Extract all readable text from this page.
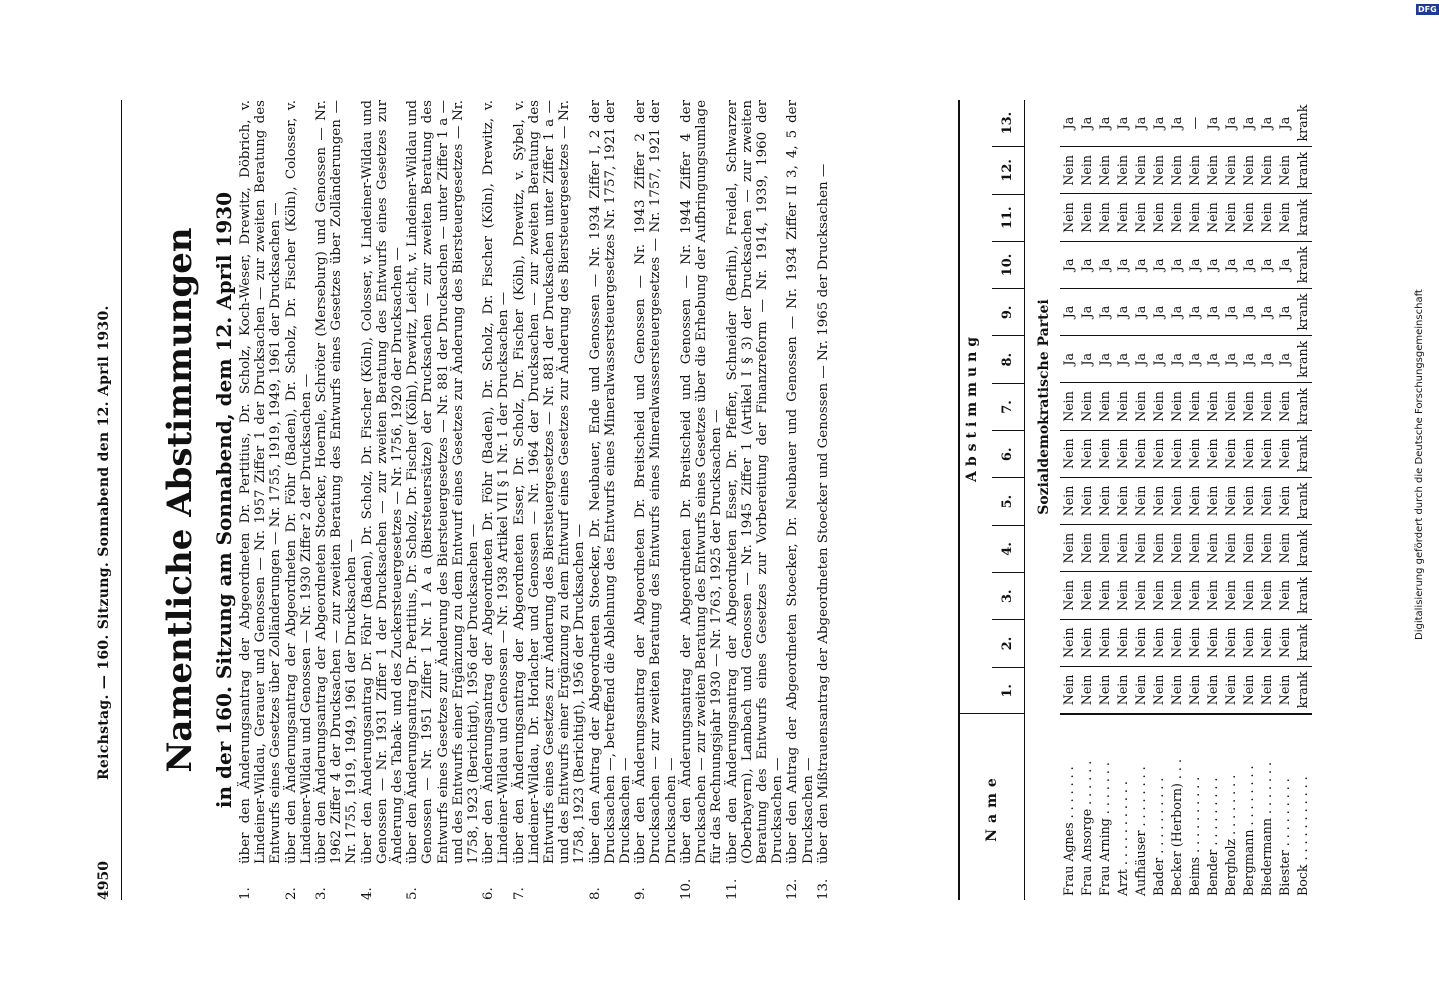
4950
Reichstag. — 160. Sitzung. Sonnabend den 12. April 1930. Namentliche Abstimmungen in der 160. Sitzung am Sonnabend, dem 12. April 1930
1.
über den Änderungsantrag der Abgeordneten Dr. Pertitius, Dr. Scholz, Koch-Weser, Drewitz, Döbrich, v. Lindeiner-Wildau, Gerauer und Genossen — Nr. 1957 Ziffer 1 der Drucksachen — zur zweiten Beratung des Entwurfs eines Gesetzes über Zolländerungen — Nr. 1755, 1919, 1949, 1961 der Drucksachen —
2.
über den Änderungsantrag der Abgeordneten Dr. Föhr (Baden), Dr. Scholz, Dr. Fischer (Köln), Colosser, v. Lindeiner-Wildau und Genossen — Nr. 1930 Ziffer 2 der Drucksachen —
3.
über den Änderungsantrag der Abgeordneten Stoecker, Hoernle, Schröter (Merseburg) und Genossen — Nr. 1962 Ziffer 4 der Drucksachen — zur zweiten Beratung des Entwurfs eines Gesetzes über Zolländerungen — Nr. 1755, 1919, 1949, 1961 der Drucksachen —
4.
über den Änderungsantrag Dr. Föhr (Baden), Dr. Scholz, Dr. Fischer (Köln), Colosser, v. Lindeiner-Wildau und Genossen — Nr. 1931 Ziffer 1 der Drucksachen — zur zweiten Beratung des Entwurfs eines Gesetzes zur Änderung des Tabak- und des Zuckersteuergesetzes — Nr. 1756, 1920 der Drucksachen —
5.
über den Änderungsantrag Dr. Pertitius, Dr. Scholz, Dr. Fischer (Köln), Drewitz, Leicht, v. Lindeiner-Wildau und Genossen — Nr. 1951 Ziffer 1 Nr. 1 A a (Biersteuersätze) der Drucksachen — zur zweiten Beratung des Entwurfs eines Gesetzes zur Änderung des Biersteuergesetzes — Nr. 881 der Drucksachen — unter Ziffer 1 a — und des Entwurfs einer Ergänzung zu dem Entwurf eines Gesetzes zur Änderung des Biersteuergesetzes — Nr. 1758, 1923 (Berichtigt), 1956 der Drucksachen —
6.
über den Änderungsantrag der Abgeordneten Dr. Föhr (Baden), Dr. Scholz, Dr. Fischer (Köln), Drewitz, v. Lindeiner-Wildau und Genossen — Nr. 1938 Artikel VII § 1 Nr. 1 der Drucksachen —
7.
über den Änderungsantrag der Abgeordneten Esser, Dr. Scholz, Dr. Fischer (Köln), Drewitz, v. Sybel, v. Lindeiner-Wildau, Dr. Horlacher und Genossen — Nr. 1964 der Drucksachen — zur zweiten Beratung des Entwurfs eines Gesetzes zur Änderung des Biersteuergesetzes — Nr. 881 der Drucksachen unter Ziffer 1 a — und des Entwurfs einer Ergänzung zu dem Entwurf eines Gesetzes zur Änderung des Biersteuergesetzes — Nr. 1758, 1923 (Berichtigt), 1956 der Drucksachen —
8.
über den Antrag der Abgeordneten Stoecker, Dr. Neubauer, Ende und Genossen — Nr. 1934 Ziffer I, 2 der Drucksachen —, betreffend die Ablehnung des Entwurfs eines Mineralwassersteuergesetzes Nr. 1757, 1921 der Drucksachen —
9.
über den Änderungsantrag der Abgeordneten Dr. Breitscheid und Genossen — Nr. 1943 Ziffer 2 der Drucksachen — zur zweiten Beratung des Entwurfs eines Mineralwassersteuergesetzes — Nr. 1757, 1921 der Drucksachen —
10.
über den Änderungsantrag der Abgeordneten Dr. Breitscheid und Genossen — Nr. 1944 Ziffer 4 der Drucksachen — zur zweiten Beratung des Entwurfs eines Gesetzes über die Erhebung der Aufbringungsumlage für das Rechnungsjahr 1930 — Nr. 1763, 1925 der Drucksachen —
11.
über den Änderungsantrag der Abgeordneten Esser, Dr. Pfeffer, Schneider (Berlin), Freidel, Schwarzer (Oberbayern), Lambach und Genossen — Nr. 1945 Ziffer 1 (Artikel I § 3) der Drucksachen — zur zweiten Beratung des Entwurfs eines Gesetzes zur Vorbereitung der Finanzreform — Nr. 1914, 1939, 1960 der Drucksachen —
12.
über den Antrag der Abgeordneten Stoecker, Dr. Neubauer und Genossen — Nr. 1934 Ziffer II 3, 4, 5 der Drucksachen —
13.
über den Mißtrauensantrag der Abgeordneten Stoecker und Genossen — Nr. 1965 der Drucksachen —	Name
Abstimmung
1.
2.
3.
4.
5.
6.
7.
8.
9.
10.
11.
12.
13.
Sozialdemokratische Partei
Frau Agnes . . . . . . .
Nein
Nein
Nein
Nein
Nein
Nein
Nein
Ja
Ja
Ja
Nein
Nein
Ja
Frau Ansorge . . . . . .
Nein
Nein
Nein
Nein
Nein
Nein
Nein
Ja
Ja
Ja
Nein
Nein
Ja
Frau Arning . . . . . . .
Nein
Nein
Nein
Nein
Nein
Nein
Nein
Ja
Ja
Ja
Nein
Nein
Ja
Arzt . . . . . . . . . . .
Nein
Nein
Nein
Nein
Nein
Nein
Nein
Ja
Ja
Ja
Nein
Nein
Ja
Aufhäuser . . . . . . . .
Nein
Nein
Nein
Nein
Nein
Nein
Nein
Ja
Ja
Ja
Nein
Nein
Ja
Bader . . . . . . . . . .
Nein
Nein
Nein
Nein
Nein
Nein
Nein
Ja
Ja
Ja
Nein
Nein
Ja
Becker (Herborn) . . .
Nein
Nein
Nein
Nein
Nein
Nein
Nein
Ja
Ja
Ja
Nein
Nein
Ja
Beims . . . . . . . . . .
Nein
Nein
Nein
Nein
Nein
Nein
Nein
Ja
Ja
Ja
Nein
Nein
—
Bender . . . . . . . . .
Nein
Nein
Nein
Nein
Nein
Nein
Nein
Ja
Ja
Ja
Nein
Nein
Ja
Bergholz . . . . . . . .
Nein
Nein
Nein
Nein
Nein
Nein
Nein
Ja
Ja
Ja
Nein
Nein
Ja
Bergmann . . . . . . . .
Nein
Nein
Nein
Nein
Nein
Nein
Nein
Ja
Ja
Ja
Nein
Nein
Ja
Biedermann . . . . . . .
Nein
Nein
Nein
Nein
Nein
Nein
Nein
Ja
Ja
Ja
Nein
Nein
Ja
Biester . . . . . . . . .
Nein
Nein
Nein
Nein
Nein
Nein
Nein
Ja
Ja
Ja
Nein
Nein
Ja
Bock . . . . . . . . . . .
krank
krank
krank
krank
krank
krank
krank
krank
krank
krank
krank
krank
krank
DFG
Digitalisierung gefördert durch die Deutsche Forschungsgemeinschaft
